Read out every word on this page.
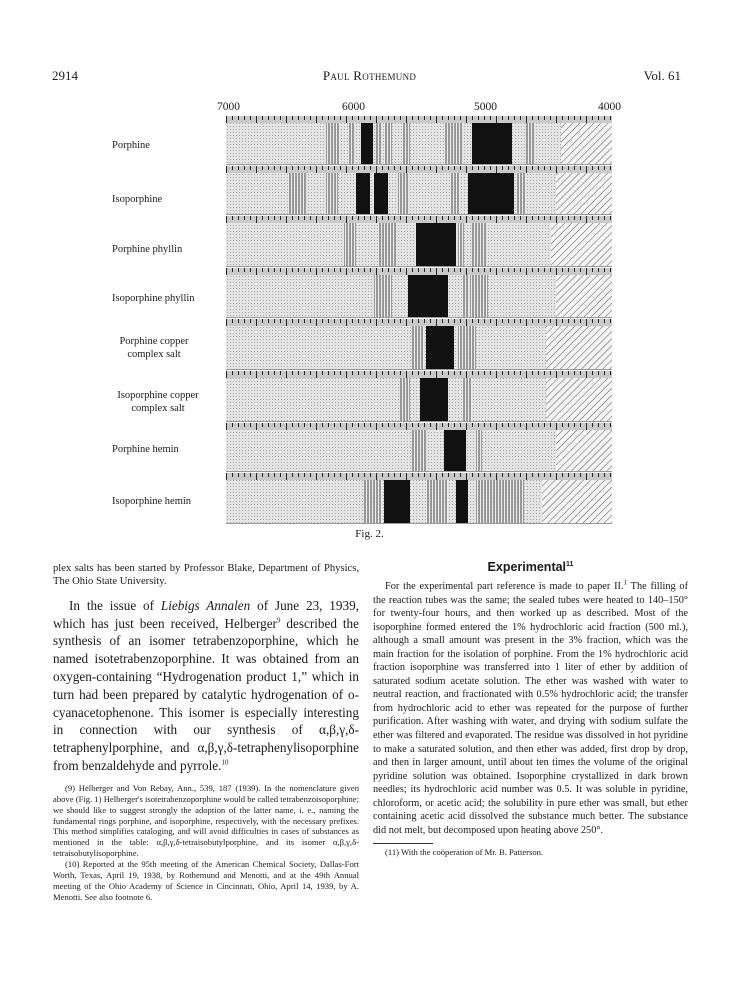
2914	Paul Rothemund	Vol. 61
7000	6000	5000	4000
Porphine
Isoporphine
Porphine phyllin
Isoporphine phyllin
Porphine copper
complex salt
Isoporphine copper
complex salt
Porphine hemin
Isoporphine hemin
Fig. 2.

plex salts has been started by Professor Blake, Department of Physics, The Ohio State University.

In the issue of Liebigs Annalen of June 23, 1939, which has just been received, Helberger$^9$ described the synthesis of an isomer tetrabenzoporphine, which he named isotetrabenzoporphine. It was obtained from an oxygen-containing “Hydrogenation product 1,” which in turn had been prepared by catalytic hydrogenation of o-cyanacetophenone. This isomer is especially interesting in connection with our synthesis of α,β,γ,δ-tetraphenylporphine, and α,β,γ,δ-tetraphenylisoporphine from benzaldehyde and pyrrole.$^{10}$

(9) Helberger and Von Rebay, Ann., 539, 187 (1939). In the nomenclature given above (Fig. 1) Helberger's isotetrabenzoporphine would be called tetrabenzoisoporphine; we should like to suggest strongly the adoption of the latter name, i. e., naming the fundamental rings porphine, and isoporphine, respectively, with the necessary prefixes. This method simplifies cataloging, and will avoid difficulties in cases of substances as mentioned in the table: α,β,γ,δ-tetraisobutylporphine, and its isomer α,β,γ,δ-tetraisobutylisoporphine.

(10) Reported at the 95th meeting of the American Chemical Society, Dallas-Fort Worth, Texas, April 19, 1938, by Rothemund and Menotti, and at the 49th Annual meeting of the Ohio Academy of Science in Cincinnati, Ohio, April 14, 1939, by A. Menotti. See also footnote 6.

Experimental$^{11}$

For the experimental part reference is made to paper II.$^1$ The filling of the reaction tubes was the same; the sealed tubes were heated to 140–150° for twenty-four hours, and then worked up as described. Most of the isoporphine formed entered the 1% hydrochloric acid fraction (500 ml.), although a small amount was present in the 3% fraction, which was the main fraction for the isolation of porphine. From the 1% hydrochloric acid fraction isoporphine was transferred into 1 liter of ether by addition of saturated sodium acetate solution. The ether was washed with water to neutral reaction, and fractionated with 0.5% hydrochloric acid; the transfer from hydrochloric acid to ether was repeated for the purpose of further purification. After washing with water, and drying with sodium sulfate the ether was filtered and evaporated. The residue was dissolved in hot pyridine to make a saturated solution, and then ether was added, first drop by drop, and then in larger amount, until about ten times the volume of the original pyridine solution was obtained. Isoporphine crystallized in dark brown needles; its hydrochloric acid number was 0.5. It was soluble in pyridine, chloroform, or acetic acid; the solubility in pure ether was small, but ether containing acetic acid dissolved the substance much better. The substance did not melt, but decomposed upon heating above 250°.

(11) With the coöperation of Mr. B. Patterson.
